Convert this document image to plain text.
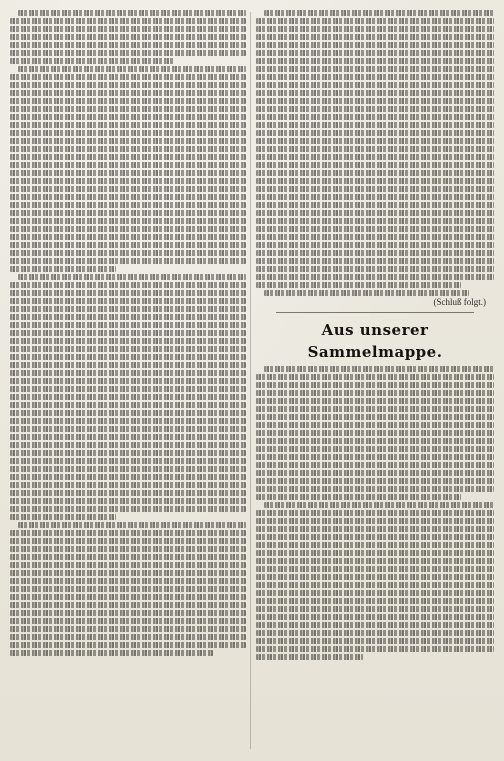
(Schluß folgt.)
Aus unserer Sammelmappe.
